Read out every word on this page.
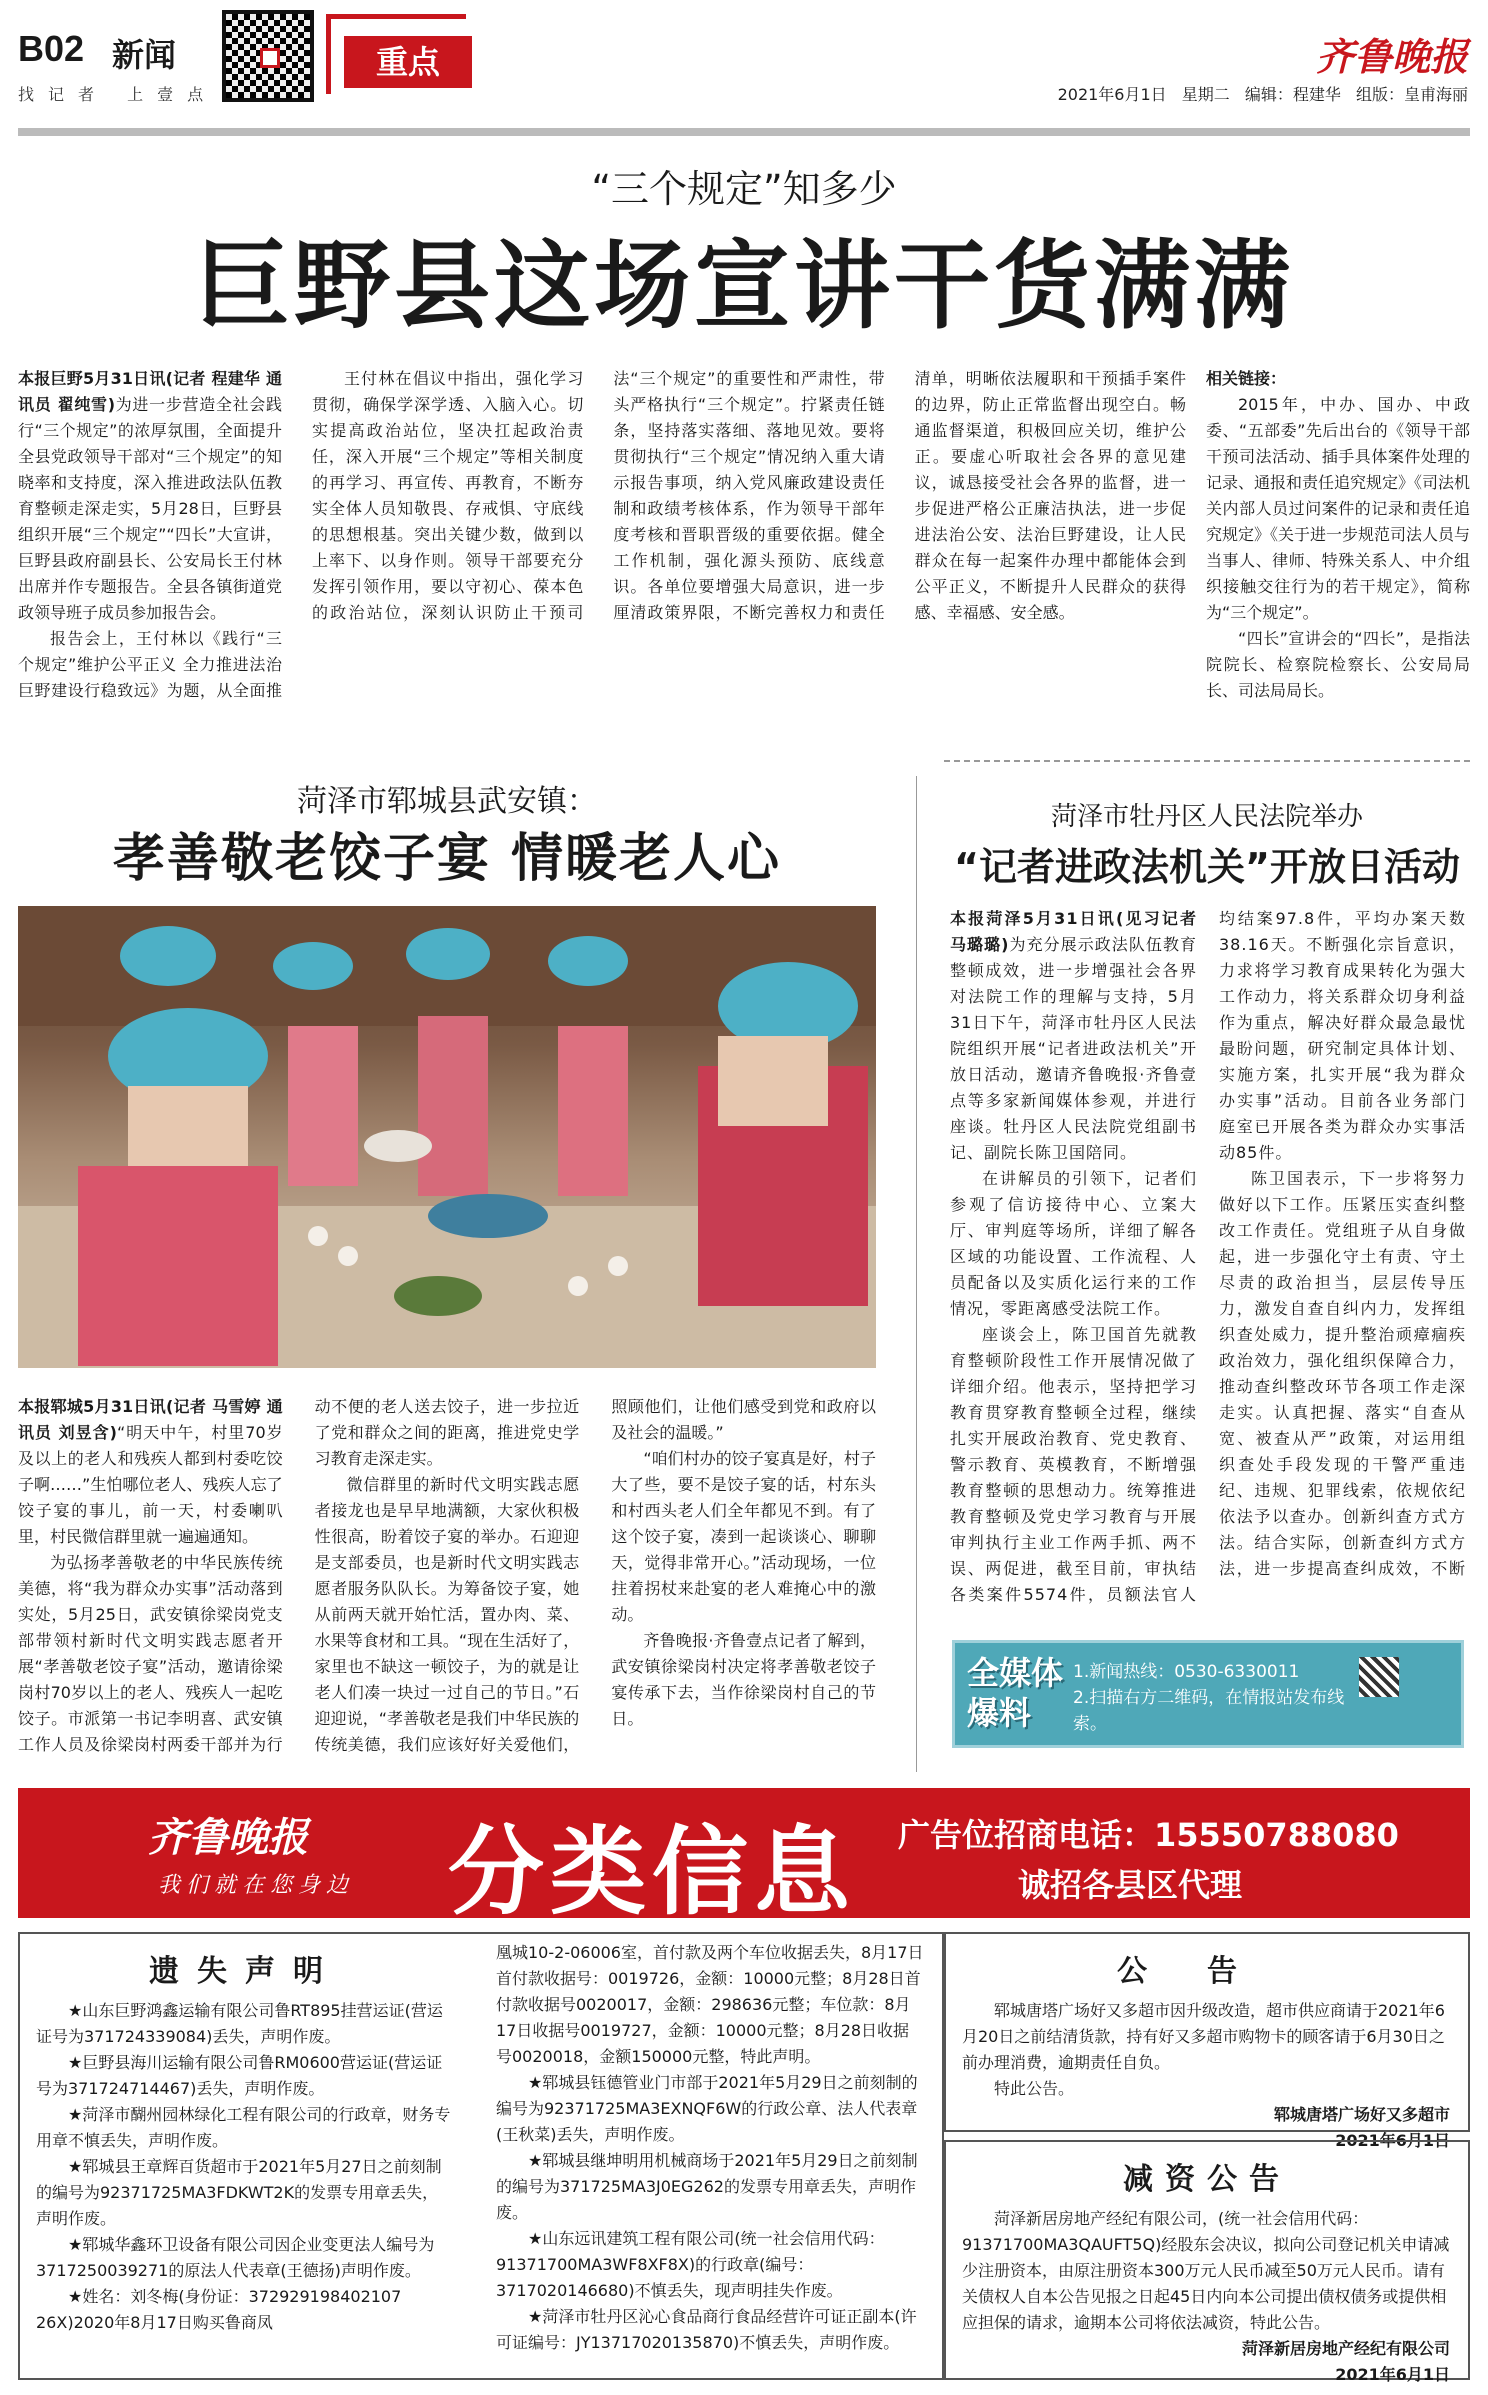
B02 新闻
找记者 上壹点
重点	齐鲁晚报
2021年6月1日 星期二 编辑：程建华 组版：皇甫海丽
“三个规定”知多少
巨野县这场宣讲干货满满

本报巨野5月31日讯(记者 程建华 通讯员 翟纯雪)为进一步营造全社会践行“三个规定”的浓厚氛围，全面提升全县党政领导干部对“三个规定”的知晓率和支持度，深入推进政法队伍教育整顿走深走实，5月28日，巨野县组织开展“三个规定”“四长”大宣讲，巨野县政府副县长、公安局长王付林出席并作专题报告。全县各镇街道党政领导班子成员参加报告会。

报告会上，王付林以《践行“三个规定”维护公平正义 全力推进法治巨野建设行稳致远》为题，从全面推

王付林在倡议中指出，强化学习贯彻，确保学深学透、入脑入心。切实提高政治站位，坚决扛起政治责任，深入开展“三个规定”等相关制度的再学习、再宣传、再教育，不断夯实全体人员知敬畏、存戒惧、守底线的思想根基。突出关键少数，做到以上率下、以身作则。领导干部要充分发挥引领作用，要以守初心、葆本色的政治站位，深刻认识防止干预司法“三个规定”的重要性和严肃性，带头严格执行“三个规定”。拧紧责任链条，坚持落实落细、落地见效。要将贯彻执行“三个规定”情况纳入重大请示报告事项，纳入党风廉政建设责任制和政绩考核体系，作为领导干部年度考核和晋职晋级的重要依据。健全工作机制，强化源头预防、底线意识。各单位要增强大局意识，进一步厘清政策界限，不断完善权力和责任清单，明晰依法履职和干预插手案件的边界，防止正常监督出现空白。畅通监督渠道，积极回应关切，维护公正。要虚心听取社会各界的意见建议，诚恳接受社会各界的监督，进一步促进严格公正廉洁执法，进一步促进法治公安、法治巨野建设，让人民群众在每一起案件办理中都能体会到公平正义，不断提升人民群众的获得感、幸福感、安全感。

相关链接：

2015年，中办、国办、中政委、“五部委”先后出台的《领导干部干预司法活动、插手具体案件处理的记录、通报和责任追究规定》《司法机关内部人员过问案件的记录和责任追究规定》《关于进一步规范司法人员与当事人、律师、特殊关系人、中介组织接触交往行为的若干规定》，简称为“三个规定”。

“四长”宣讲会的“四长”，是指法院院长、检察院检察长、公安局局长、司法局局长。

菏泽市郓城县武安镇：
孝善敬老饺子宴 情暖老人心

本报郓城5月31日讯(记者 马雪婷 通讯员 刘昱含)“明天中午，村里70岁及以上的老人和残疾人都到村委吃饺子啊……”生怕哪位老人、残疾人忘了饺子宴的事儿，前一天，村委喇叭里，村民微信群里就一遍遍通知。

为弘扬孝善敬老的中华民族传统美德，将“我为群众办实事”活动落到实处，5月25日，武安镇徐梁岗党支部带领村新时代文明实践志愿者开展“孝善敬老饺子宴”活动，邀请徐梁岗村70岁以上的老人、残疾人一起吃饺子。市派第一书记李明喜、武安镇工作人员及徐梁岗村两委干部并为行动不便的老人送去饺子，进一步拉近了党和群众之间的距离，推进党史学习教育走深走实。

微信群里的新时代文明实践志愿者接龙也是早早地满额，大家伙积极性很高，盼着饺子宴的举办。石迎迎是支部委员，也是新时代文明实践志愿者服务队队长。为筹备饺子宴，她从前两天就开始忙活，置办肉、菜、水果等食材和工具。“现在生活好了，家里也不缺这一顿饺子，为的就是让老人们凑一块过一过自己的节日。”石迎迎说，“孝善敬老是我们中华民族的传统美德，我们应该好好关爱他们，照顾他们，让他们感受到党和政府以及社会的温暖。”

“咱们村办的饺子宴真是好，村子大了些，要不是饺子宴的话，村东头和村西头老人们全年都见不到。有了这个饺子宴，凑到一起谈谈心、聊聊天，觉得非常开心。”活动现场，一位拄着拐杖来赴宴的老人难掩心中的激动。

齐鲁晚报·齐鲁壹点记者了解到，武安镇徐梁岗村决定将孝善敬老饺子宴传承下去，当作徐梁岗村自己的节日。

菏泽市牡丹区人民法院举办
“记者进政法机关”开放日活动

本报菏泽5月31日讯(见习记者 马璐璐)为充分展示政法队伍教育整顿成效，进一步增强社会各界对法院工作的理解与支持，5月31日下午，菏泽市牡丹区人民法院组织开展“记者进政法机关”开放日活动，邀请齐鲁晚报·齐鲁壹点等多家新闻媒体参观，并进行座谈。牡丹区人民法院党组副书记、副院长陈卫国陪同。

在讲解员的引领下，记者们参观了信访接待中心、立案大厅、审判庭等场所，详细了解各区域的功能设置、工作流程、人员配备以及实质化运行来的工作情况，零距离感受法院工作。

座谈会上，陈卫国首先就教育整顿阶段性工作开展情况做了详细介绍。他表示，坚持把学习教育贯穿教育整顿全过程，继续扎实开展政治教育、党史教育、警示教育、英模教育，不断增强教育整顿的思想动力。统筹推进教育整顿及党史学习教育与开展审判执行主业工作两手抓、两不误、两促进，截至目前，审执结各类案件5574件，员额法官人均结案97.8件，平均办案天数38.16天。不断强化宗旨意识，力求将学习教育成果转化为强大工作动力，将关系群众切身利益作为重点，解决好群众最急最忧最盼问题，研究制定具体计划、实施方案，扎实开展“我为群众办实事”活动。目前各业务部门庭室已开展各类为群众办实事活动85件。

陈卫国表示，下一步将努力做好以下工作。压紧压实查纠整改工作责任。党组班子从自身做起，进一步强化守土有责、守土尽责的政治担当，层层传导压力，激发自查自纠内力，发挥组织查处威力，提升整治顽瘴痼疾政治效力，强化组织保障合力，推动查纠整改环节各项工作走深走实。认真把握、落实“自查从宽、被查从严”政策，对运用组织查处手段发现的干警严重违纪、违规、犯罪线索，依规依纪依法予以查办。创新纠查方式方法。结合实际，创新查纠方式方法，进一步提高查纠成效，不断

全媒体爆料
1.新闻热线：0530-6330011
2.扫描右方二维码，在情报站发布线索。
齐鲁晚报
我们就在您身边 分类信息	广告位招商电话：15550788080
诚招各县区代理
遗失声明

★山东巨野鸿鑫运输有限公司鲁RT895挂营运证(营运证号为371724339084)丢失，声明作废。

★巨野县海川运输有限公司鲁RM0600营运证(营运证号为371724714467)丢失，声明作废。

★菏泽市醐州园林绿化工程有限公司的行政章，财务专用章不慎丢失，声明作废。

★郓城县王章辉百货超市于2021年5月27日之前刻制的编号为92371725MA3FDKWT2K的发票专用章丢失，声明作废。

★郓城华鑫环卫设备有限公司因企业变更法人编号为3717250039271的原法人代表章(王德扬)声明作废。

★姓名：刘冬梅(身份证：372929198402107 26X)2020年8月17日购买鲁商凤

凰城10-2-06006室，首付款及两个车位收据丢失，8月17日首付款收据号：0019726，金额：10000元整；8月28日首付款收据号0020017，金额：298636元整；车位款：8月17日收据号0019727，金额：10000元整；8月28日收据号0020018，金额150000元整，特此声明。

★郓城县钰德管业门市部于2021年5月29日之前刻制的编号为92371725MA3EXNQF6W的行政公章、法人代表章(王秋菜)丢失，声明作废。

★郓城县继坤明用机械商场于2021年5月29日之前刻制的编号为371725MA3J0EG262的发票专用章丢失，声明作废。

★山东远讯建筑工程有限公司(统一社会信用代码：91371700MA3WF8XF8X)的行政章(编号：3717020146680)不慎丢失，现声明挂失作废。

★菏泽市牡丹区沁心食品商行食品经营许可证正副本(许可证编号：JY13717020135870)不慎丢失，声明作废。

公告

郓城唐塔广场好又多超市因升级改造，超市供应商请于2021年6月20日之前结清货款，持有好又多超市购物卡的顾客请于6月30日之前办理消费，逾期责任自负。

特此公告。

郓城唐塔广场好又多超市
2021年6月1日
减资公告

菏泽新居房地产经纪有限公司，(统一社会信用代码：91371700MA3QAUFT5Q)经股东会决议，拟向公司登记机关申请减少注册资本，由原注册资本300万元人民币减至50万元人民币。请有关债权人自本公告见报之日起45日内向本公司提出债权债务或提供相应担保的请求，逾期本公司将依法减资，特此公告。

菏泽新居房地产经纪有限公司
2021年6月1日
